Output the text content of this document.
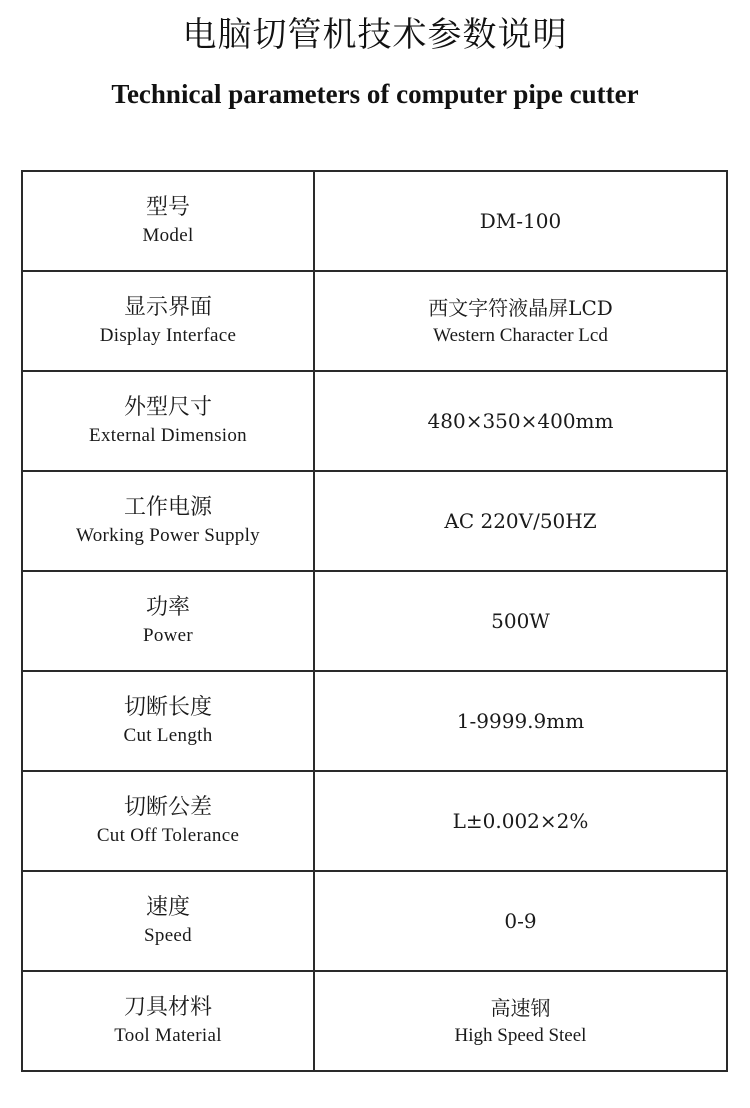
电脑切管机技术参数说明
Technical parameters of computer pipe cutter
型号
Model	DM-100

显示界面
Display Interface	西文字符液晶屏LCD
Western Character Lcd

外型尺寸
External Dimension	480×350×400mm

工作电源
Working Power Supply	AC 220V/50HZ

功率
Power	500W

切断长度
Cut Length	1-9999.9mm

切断公差
Cut Off Tolerance	L±0.002×2%

速度
Speed	0-9

刀具材料
Tool Material	高速钢
High Speed Steel
